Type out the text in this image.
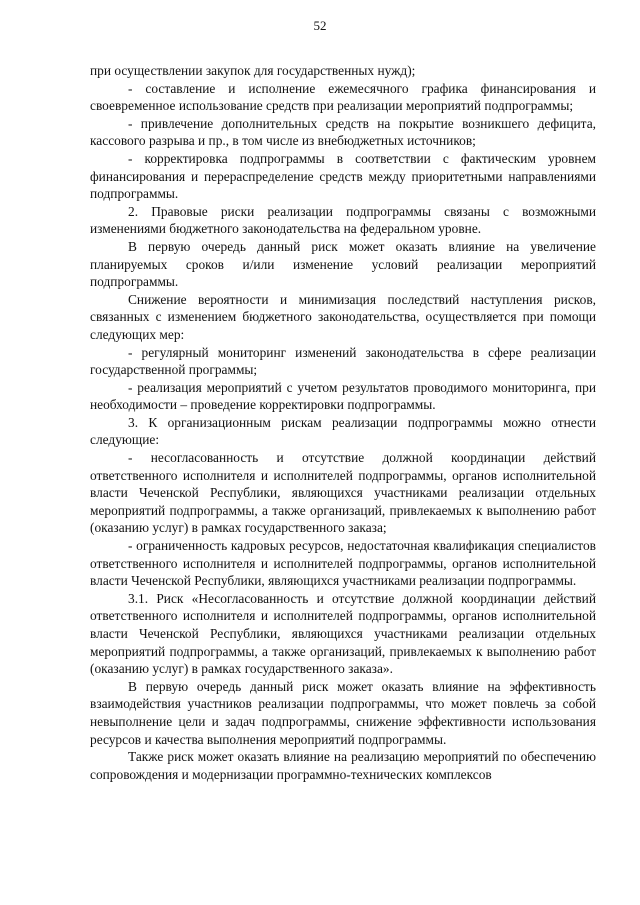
52

при осуществлении закупок для государственных нужд);

- составление и исполнение ежемесячного графика финансирования и своевременное использование средств при реализации мероприятий подпрограммы;

- привлечение дополнительных средств на покрытие возникшего дефицита, кассового разрыва и пр., в том числе из внебюджетных источников;

- корректировка подпрограммы в соответствии с фактическим уровнем финансирования и перераспределение средств между приоритетными направлениями подпрограммы.

2. Правовые риски реализации подпрограммы связаны с возможными изменениями бюджетного законодательства на федеральном уровне.

В первую очередь данный риск может оказать влияние на увеличение планируемых сроков и/или изменение условий реализации мероприятий подпрограммы.

Снижение вероятности и минимизация последствий наступления рисков, связанных с изменением бюджетного законодательства, осуществляется при помощи следующих мер:

- регулярный мониторинг изменений законодательства в сфере реализации государственной программы;

- реализация мероприятий с учетом результатов проводимого мониторинга, при необходимости – проведение корректировки подпрограммы.

3. К организационным рискам реализации подпрограммы можно отнести следующие:

- несогласованность и отсутствие должной координации действий ответственного исполнителя и исполнителей подпрограммы, органов исполнительной власти Чеченской Республики, являющихся участниками реализации отдельных мероприятий подпрограммы, а также организаций, привлекаемых к выполнению работ (оказанию услуг) в рамках государственного заказа;

- ограниченность кадровых ресурсов, недостаточная квалификация специалистов ответственного исполнителя и исполнителей подпрограммы, органов исполнительной власти Чеченской Республики, являющихся участниками реализации подпрограммы.

3.1. Риск «Несогласованность и отсутствие должной координации действий ответственного исполнителя и исполнителей подпрограммы, органов исполнительной власти Чеченской Республики, являющихся участниками реализации отдельных мероприятий подпрограммы, а также организаций, привлекаемых к выполнению работ (оказанию услуг) в рамках государственного заказа».

В первую очередь данный риск может оказать влияние на эффективность взаимодействия участников реализации подпрограммы, что может повлечь за собой невыполнение цели и задач подпрограммы, снижение эффективности использования ресурсов и качества выполнения мероприятий подпрограммы.

Также риск может оказать влияние на реализацию мероприятий по обеспечению сопровождения и модернизации программно-технических комплексов
